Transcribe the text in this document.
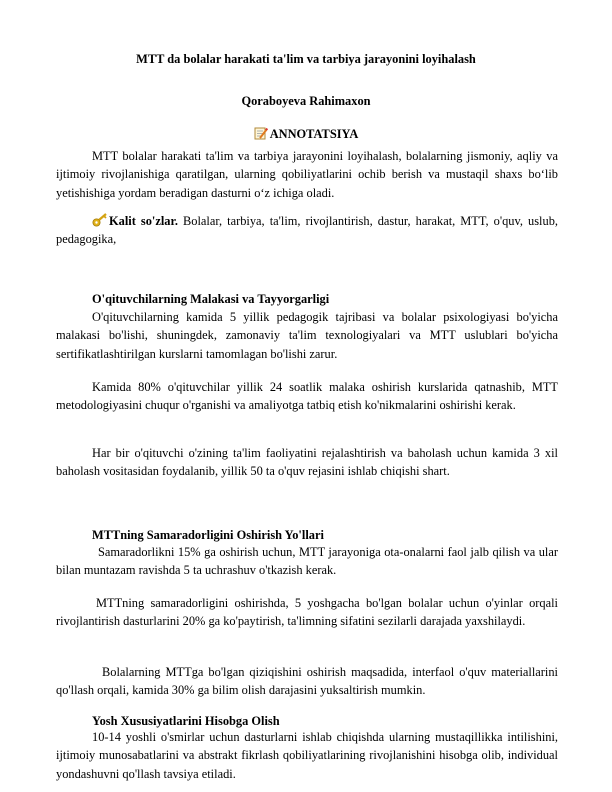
MTT da bolalar harakati ta'lim va tarbiya jarayonini loyihalash
Qoraboyeva Rahimaxon
ANNOTATSIYA

MTT bolalar harakati ta'lim va tarbiya jarayonini loyihalash, bolalarning jismoniy, aqliy va ijtimoiy rivojlanishiga qaratilgan, ularning qobiliyatlarini ochib berish va mustaqil shaxs bo‘lib yetishishiga yordam beradigan dasturni o‘z ichiga oladi.

Kalit so'zlar. Bolalar, tarbiya, ta'lim, rivojlantirish, dastur, harakat, MTT, o'quv, uslub, pedagogika,

O'qituvchilarning Malakasi va Tayyorgarligi

O'qituvchilarning kamida 5 yillik pedagogik tajribasi va bolalar psixologiyasi bo'yicha malakasi bo'lishi, shuningdek, zamonaviy ta'lim texnologiyalari va MTT uslublari bo'yicha sertifikatlashtirilgan kurslarni tamomlagan bo'lishi zarur.

Kamida 80% o'qituvchilar yillik 24 soatlik malaka oshirish kurslarida qatnashib, MTT metodologiyasini chuqur o'rganishi va amaliyotga tatbiq etish ko'nikmalarini oshirishi kerak.

Har bir o'qituvchi o'zining ta'lim faoliyatini rejalashtirish va baholash uchun kamida 3 xil baholash vositasidan foydalanib, yillik 50 ta o'quv rejasini ishlab chiqishi shart.

MTTning Samaradorligini Oshirish Yo'llari

Samaradorlikni 15% ga oshirish uchun, MTT jarayoniga ota-onalarni faol jalb qilish va ular bilan muntazam ravishda 5 ta uchrashuv o'tkazish kerak.

MTTning samaradorligini oshirishda, 5 yoshgacha bo'lgan bolalar uchun o'yinlar orqali rivojlantirish dasturlarini 20% ga ko'paytirish, ta'limning sifatini sezilarli darajada yaxshilaydi.

Bolalarning MTTga bo'lgan qiziqishini oshirish maqsadida, interfaol o'quv materiallarini qo'llash orqali, kamida 30% ga bilim olish darajasini yuksaltirish mumkin.

Yosh Xususiyatlarini Hisobga Olish

10-14 yoshli o'smirlar uchun dasturlarni ishlab chiqishda ularning mustaqillikka intilishini, ijtimoiy munosabatlarini va abstrakt fikrlash qobiliyatlarining rivojlanishini hisobga olib, individual yondashuvni qo'llash tavsiya etiladi.
